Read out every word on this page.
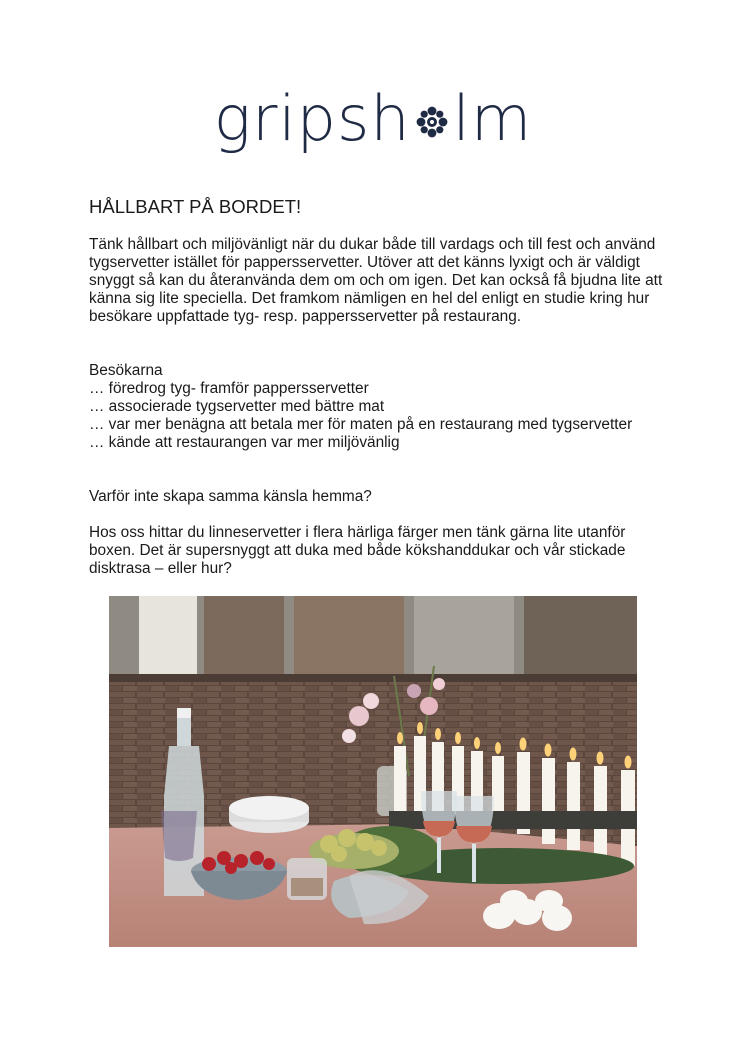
gripsh lm
HÅLLBART PÅ BORDET!

Tänk hållbart och miljövänligt när du dukar både till vardags och till fest och använd tygservetter istället för pappersservetter. Utöver att det känns lyxigt och är väldigt snyggt så kan du återanvända dem om och om igen. Det kan också få bjudna lite att känna sig lite speciella. Det framkom nämligen en hel del enligt en studie kring hur besökare uppfattade tyg- resp. pappersservetter på restaurang.

Besökarna
… föredrog tyg- framför pappersservetter
… associerade tygservetter med bättre mat
… var mer benägna att betala mer för maten på en restaurang med tygservetter
… kände att restaurangen var mer miljövänlig

Varför inte skapa samma känsla hemma?

Hos oss hittar du linneservetter i flera härliga färger men tänk gärna lite utanför boxen. Det är supersnyggt att duka med både kökshanddukar och vår stickade disktrasa – eller hur?
